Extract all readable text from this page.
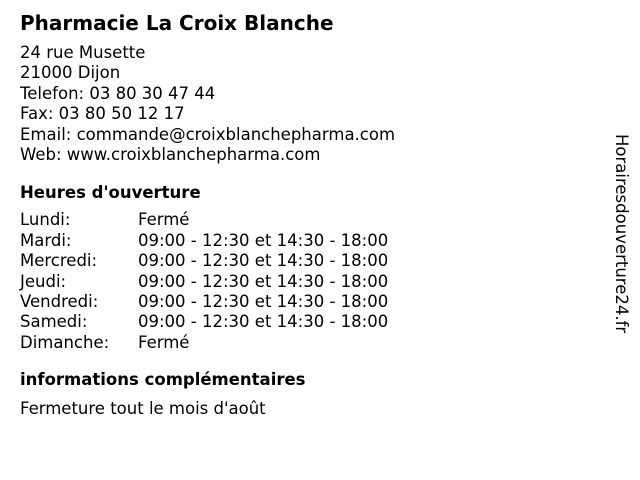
Pharmacie La Croix Blanche
24 rue Musette
21000 Dijon
Telefon: 03 80 30 47 44
Fax: 03 80 50 12 17
Email: commande@croixblanchepharma.com
Web: www.croixblanchepharma.com
Heures d'ouverture
Lundi:	Fermé
Mardi:	09:00 - 12:30 et 14:30 - 18:00
Mercredi:	09:00 - 12:30 et 14:30 - 18:00
Jeudi:	09:00 - 12:30 et 14:30 - 18:00
Vendredi:	09:00 - 12:30 et 14:30 - 18:00
Samedi:	09:00 - 12:30 et 14:30 - 18:00
Dimanche:	Fermé
informations complémentaires
Fermeture tout le mois d'août
Horairesdouverture24.fr
